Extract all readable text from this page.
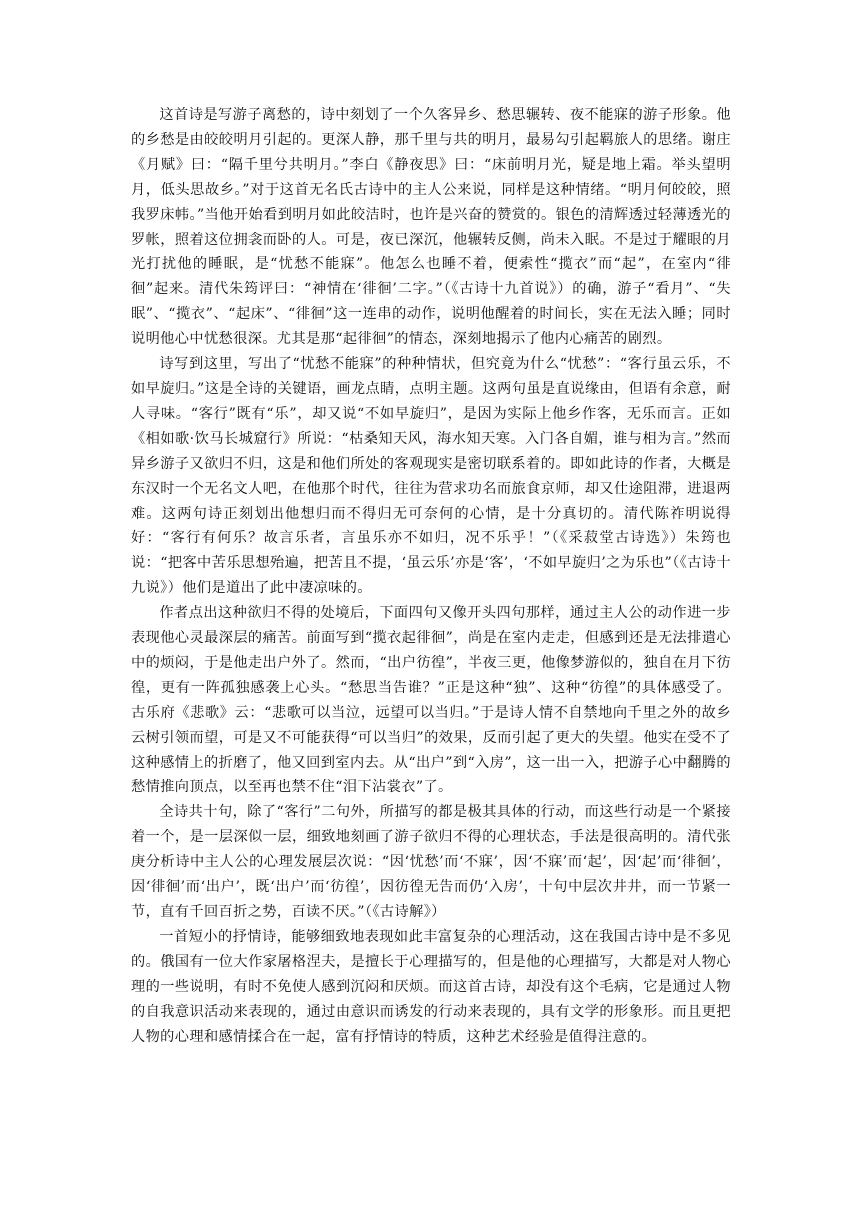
这首诗是写游子离愁的，诗中刻划了一个久客异乡、愁思辗转、夜不能寐的游子形象。他的乡愁是由皎皎明月引起的。更深人静，那千里与共的明月，最易勾引起羁旅人的思绪。谢庄《月赋》曰：“隔千里兮共明月。”李白《静夜思》曰：“床前明月光，疑是地上霜。举头望明月，低头思故乡。”对于这首无名氏古诗中的主人公来说，同样是这种情绪。“明月何皎皎，照我罗床帏。”当他开始看到明月如此皎洁时，也许是兴奋的赞赏的。银色的清辉透过轻薄透光的罗帐，照着这位拥衾而卧的人。可是，夜已深沉，他辗转反侧，尚未入眠。不是过于耀眼的月光打扰他的睡眠，是“忧愁不能寐”。他怎么也睡不着，便索性“揽衣”而“起”，在室内“徘徊”起来。清代朱筠评曰：“神情在‘徘徊’二字。”（《古诗十九首说》）的确，游子“看月”、“失眠”、“揽衣”、“起床”、“徘徊”这一连串的动作，说明他醒着的时间长，实在无法入睡；同时说明他心中忧愁很深。尤其是那“起徘徊”的情态，深刻地揭示了他内心痛苦的剧烈。

诗写到这里，写出了“忧愁不能寐”的种种情状，但究竟为什么“忧愁”：“客行虽云乐，不如早旋归。”这是全诗的关键语，画龙点睛，点明主题。这两句虽是直说缘由，但语有余意，耐人寻味。“客行”既有“乐”，却又说“不如早旋归”，是因为实际上他乡作客，无乐而言。正如《相如歌·饮马长城窟行》所说：“枯桑知天风，海水知天寒。入门各自媚，谁与相为言。”然而异乡游子又欲归不归，这是和他们所处的客观现实是密切联系着的。即如此诗的作者，大概是东汉时一个无名文人吧，在他那个时代，往往为营求功名而旅食京师，却又仕途阻滞，进退两难。这两句诗正刻划出他想归而不得归无可奈何的心情，是十分真切的。清代陈祚明说得好：“客行有何乐？故言乐者，言虽乐亦不如归，况不乐乎！”（《采菽堂古诗选》）朱筠也说：“把客中苦乐思想殆遍，把苦且不提，‘虽云乐’亦是‘客’，‘不如早旋归’之为乐也”（《古诗十九说》）他们是道出了此中凄凉味的。

作者点出这种欲归不得的处境后，下面四句又像开头四句那样，通过主人公的动作进一步表现他心灵最深层的痛苦。前面写到“揽衣起徘徊”，尚是在室内走走，但感到还是无法排遣心中的烦闷，于是他走出户外了。然而，“出户彷徨”，半夜三更，他像梦游似的，独自在月下彷徨，更有一阵孤独感袭上心头。“愁思当告谁？”正是这种“独”、这种“彷徨”的具体感受了。古乐府《悲歌》云：“悲歌可以当泣，远望可以当归。”于是诗人情不自禁地向千里之外的故乡云树引领而望，可是又不可能获得“可以当归”的效果，反而引起了更大的失望。他实在受不了这种感情上的折磨了，他又回到室内去。从“出户”到“入房”，这一出一入，把游子心中翻腾的愁情推向顶点，以至再也禁不住“泪下沾裳衣”了。

全诗共十句，除了“客行”二句外，所描写的都是极其具体的行动，而这些行动是一个紧接着一个，是一层深似一层，细致地刻画了游子欲归不得的心理状态，手法是很高明的。清代张庚分析诗中主人公的心理发展层次说：“因‘忧愁’而‘不寐’，因‘不寐’而‘起’，因‘起’而‘徘徊’，因‘徘徊’而‘出户’，既‘出户’而‘彷徨’，因彷徨无告而仍‘入房’，十句中层次井井，而一节紧一节，直有千回百折之势，百读不厌。”（《古诗解》）

一首短小的抒情诗，能够细致地表现如此丰富复杂的心理活动，这在我国古诗中是不多见的。俄国有一位大作家屠格涅夫，是擅长于心理描写的，但是他的心理描写，大都是对人物心理的一些说明，有时不免使人感到沉闷和厌烦。而这首古诗，却没有这个毛病，它是通过人物的自我意识活动来表现的，通过由意识而诱发的行动来表现的，具有文学的形象形。而且更把人物的心理和感情揉合在一起，富有抒情诗的特质，这种艺术经验是值得注意的。
